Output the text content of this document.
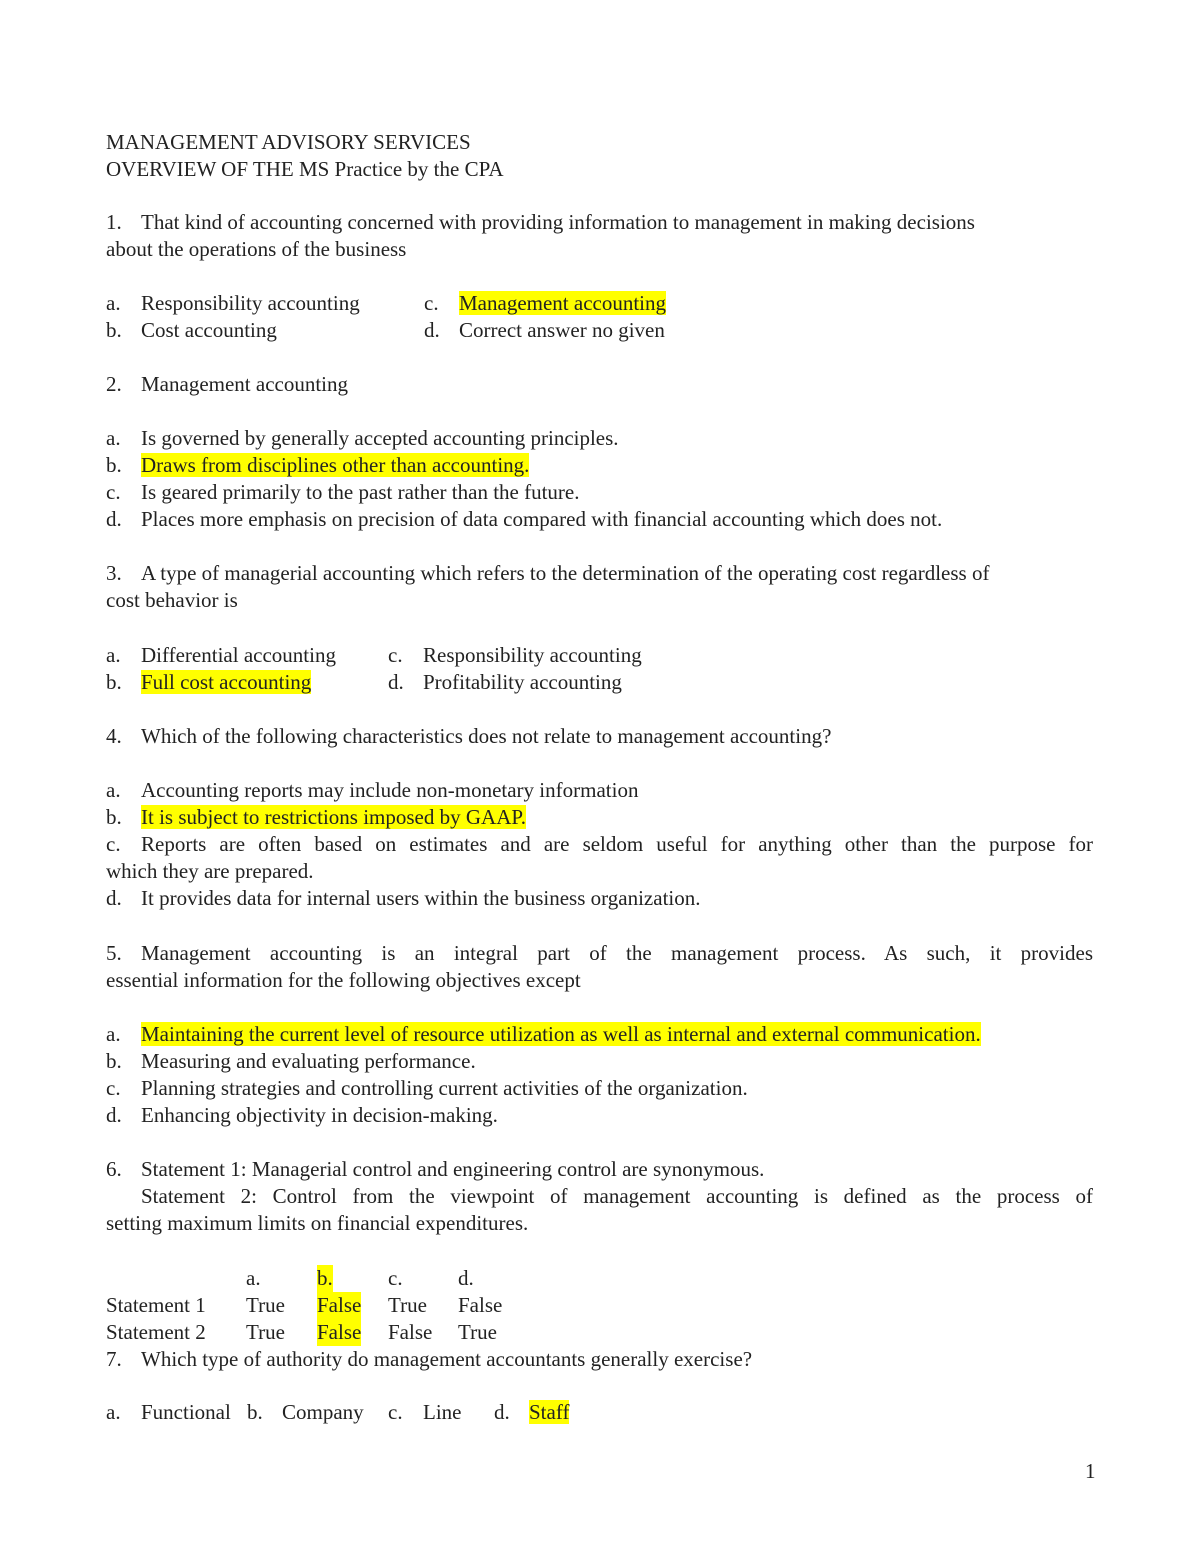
MANAGEMENT ADVISORY SERVICES
OVERVIEW OF THE MS Practice by the CPA
1. That kind of accounting concerned with providing information to management in making decisions
about the operations of the business
a. Responsibility accounting	c. Management accounting
b. Cost accounting	d. Correct answer no given
2. Management accounting
a. Is governed by generally accepted accounting principles.
b. Draws from disciplines other than accounting.
c. Is geared primarily to the past rather than the future.
d. Places more emphasis on precision of data compared with financial accounting which does not.
3. A type of managerial accounting which refers to the determination of the operating cost regardless of
cost behavior is
a. Differential accounting c. Responsibility accounting
b. Full cost accounting	d. Profitability accounting
4. Which of the following characteristics does not relate to management accounting?
a. Accounting reports may include non-monetary information
b. It is subject to restrictions imposed by GAAP.
c. Reports are often based on estimates and are seldom useful for anything other than the purpose for
which they are prepared.
d. It provides data for internal users within the business organization.
5. Management accounting is an integral part of the management process. As such, it provides
essential information for the following objectives except
a. Maintaining the current level of resource utilization as well as internal and external communication.
b. Measuring and evaluating performance.
c. Planning strategies and controlling current activities of the organization.
d. Enhancing objectivity in decision-making.
6. Statement 1: Managerial control and engineering control are synonymous.
Statement 2: Control from the viewpoint of management accounting is defined as the process of
setting maximum limits on financial expenditures.
a.	b.	c.	d.
Statement 1 True False True False
Statement 2 True False False True
7. Which type of authority do management accountants generally exercise?
a. Functional b. Company c. Line d. Staff
1
